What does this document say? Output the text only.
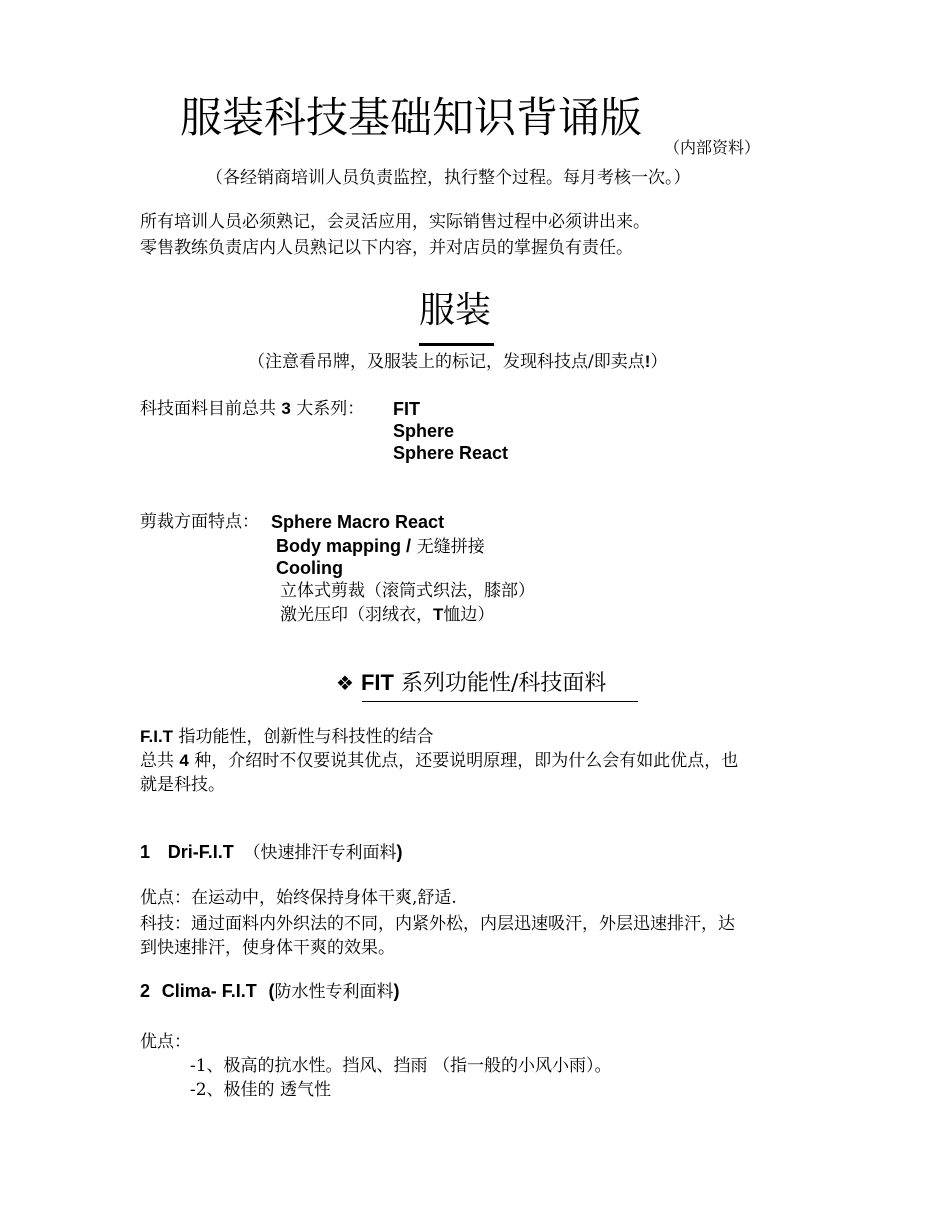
服装科技基础知识背诵版
（内部资料）
（各经销商培训人员负责监控，执行整个过程。每月考核一次。）
所有培训人员必须熟记，会灵活应用，实际销售过程中必须讲出来。
零售教练负责店内人员熟记以下内容，并对店员的掌握负有责任。
服装
（注意看吊牌，及服装上的标记，发现科技点/即卖点!）
科技面料目前总共 3 大系列： FIT
Sphere
Sphere React
剪裁方面特点： Sphere Macro React
Body mapping / 无缝拼接
Cooling
立体式剪裁（滚筒式织法，膝部）
激光压印（羽绒衣，T恤边）
❖ FIT 系列功能性/科技面料
F.I.T 指功能性，创新性与科技性的结合
总共 4 种，介绍时不仅要说其优点，还要说明原理，即为什么会有如此优点，也
就是科技。
1 Dri-F.I.T （快速排汗专利面料)
优点：在运动中，始终保持身体干爽,舒适.
科技：通过面料内外织法的不同，内紧外松，内层迅速吸汗，外层迅速排汗，达
到快速排汗，使身体干爽的效果。
2 Clima- F.I.T (防水性专利面料)
优点：
-1、极高的抗水性。挡风、挡雨 （指一般的小风小雨）。
-2、极佳的 透气性
